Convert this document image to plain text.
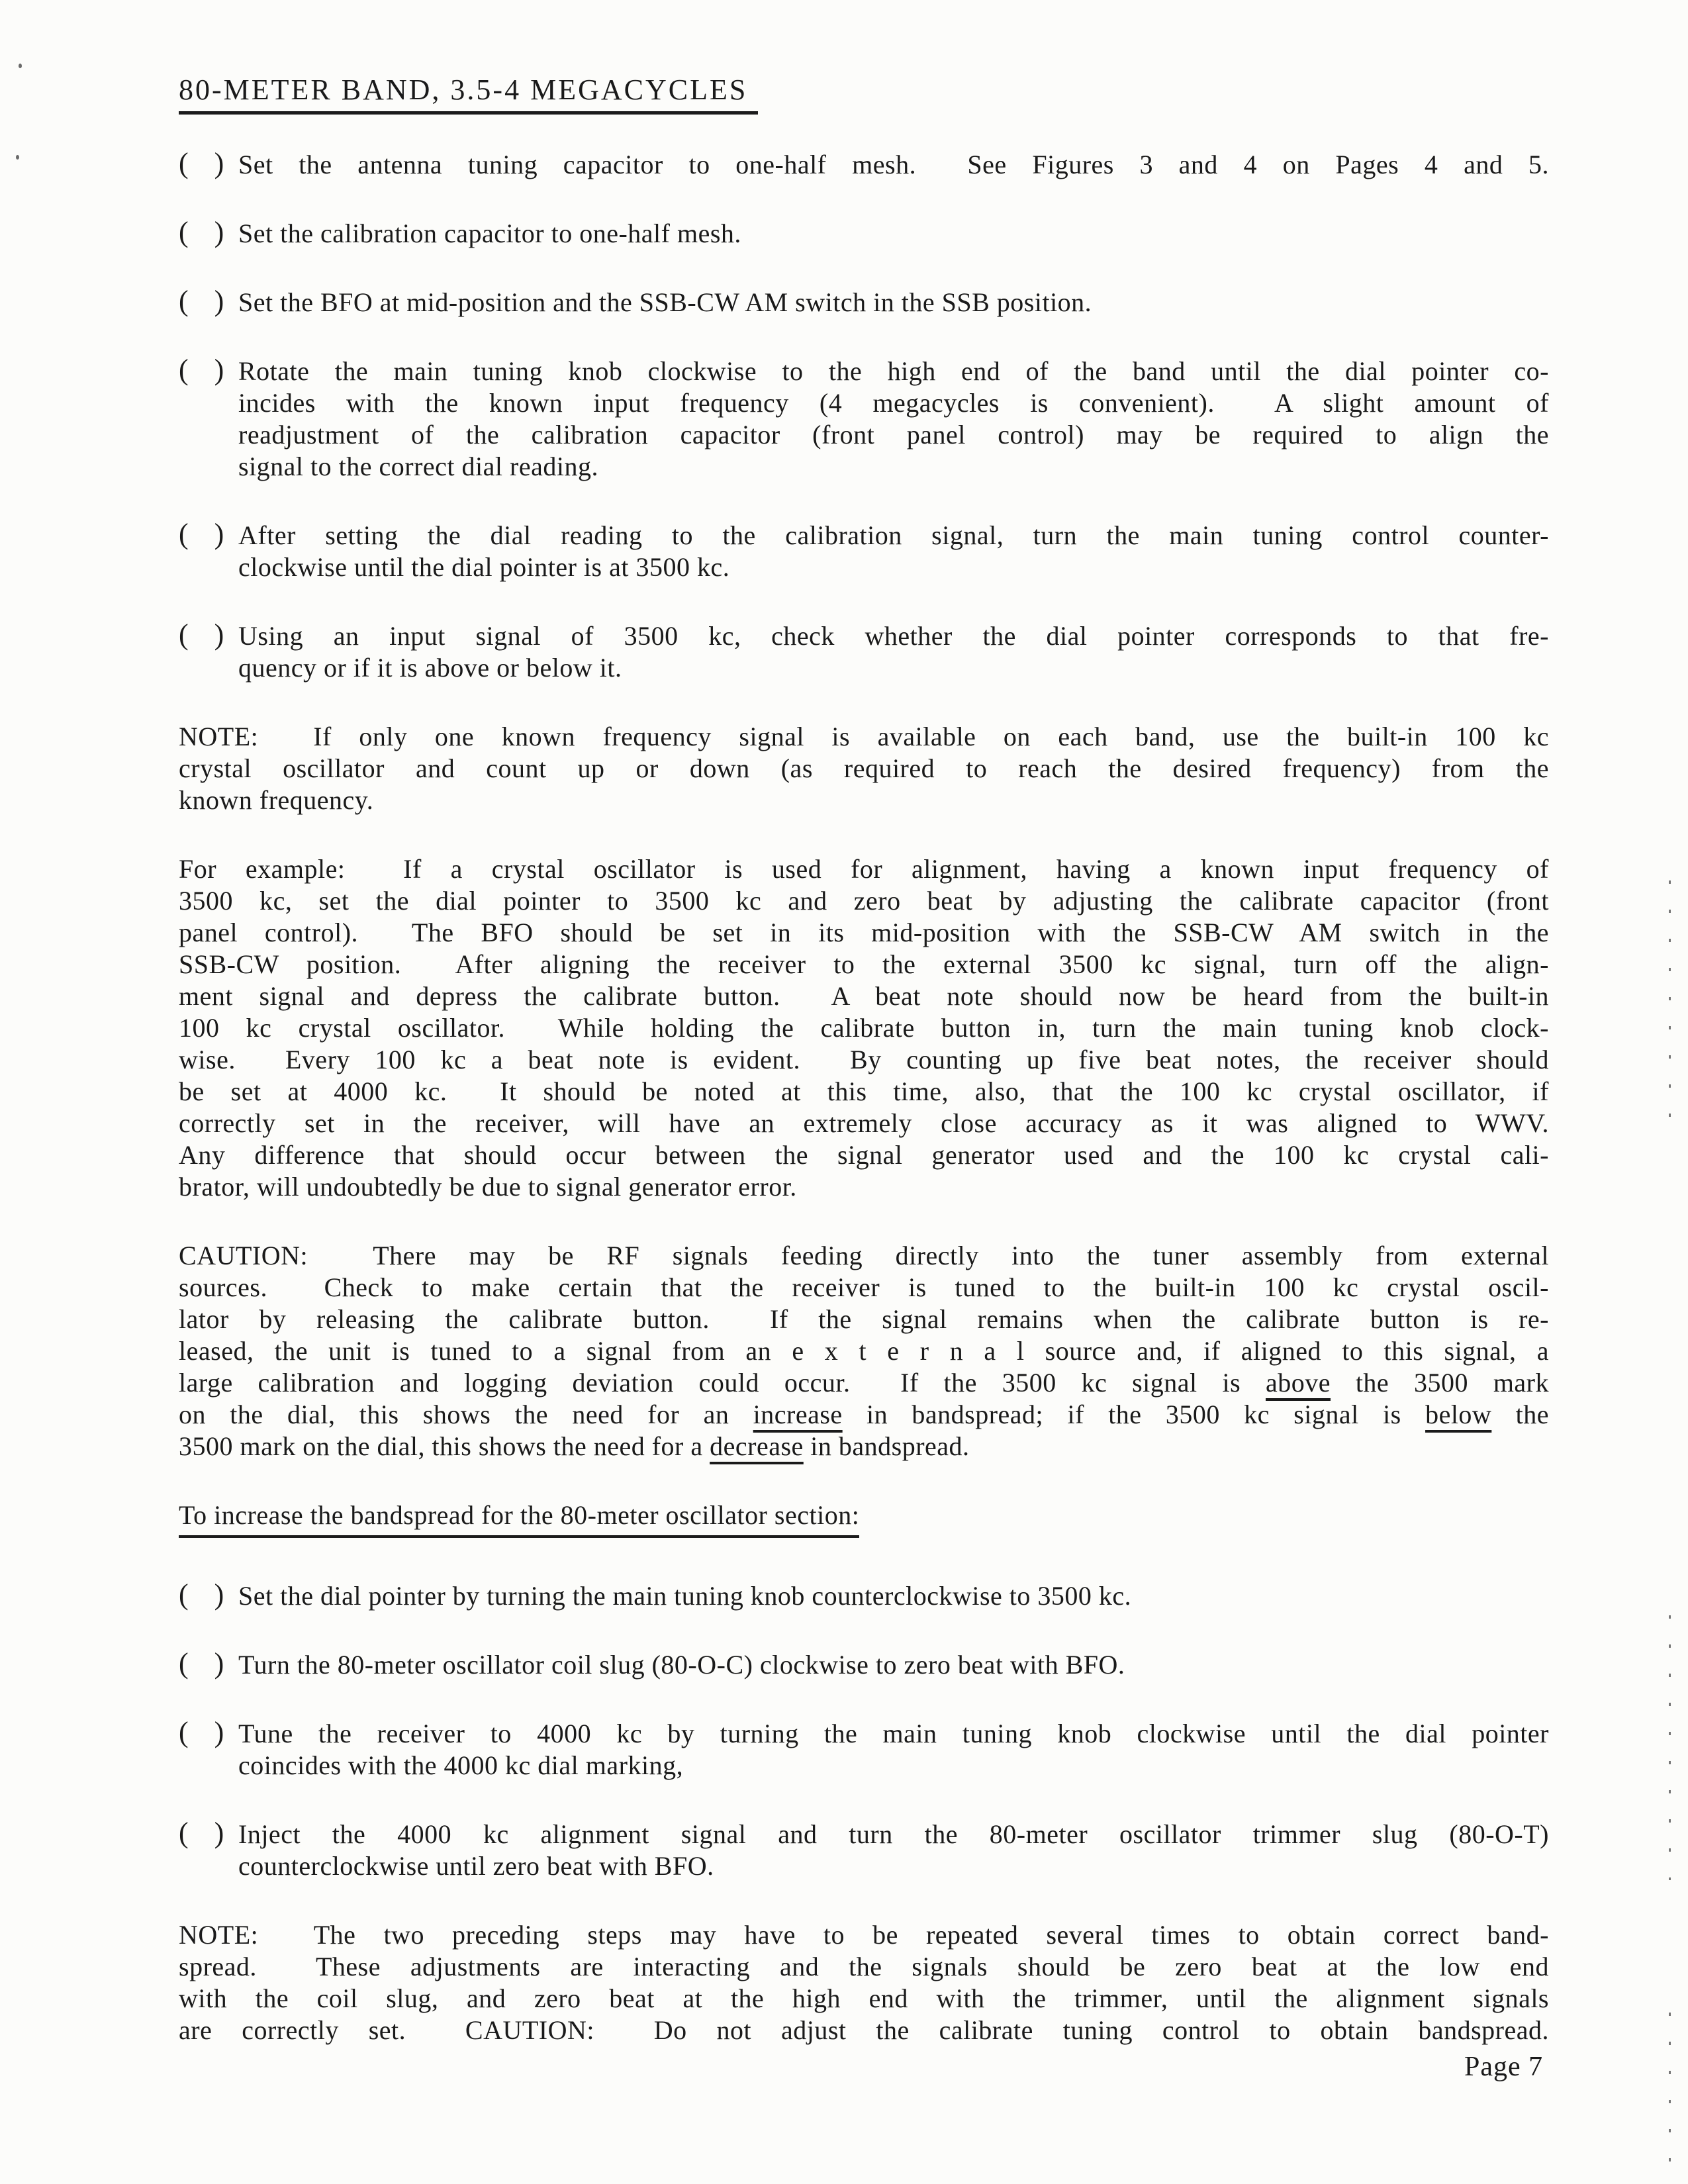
80-METER BAND, 3.5-4 MEGACYCLES
( ) Set the antenna tuning capacitor to one-half mesh.  See Figures 3 and 4 on Pages 4 and 5.
( ) Set the calibration capacitor to one-half mesh.
( ) Set the BFO at mid-position and the SSB-CW AM switch in the SSB position.
( ) Rotate the main tuning knob clockwise to the high end of the band until the dial pointer co-
incides with the known input frequency (4 megacycles is convenient).  A slight amount of
readjustment of the calibration capacitor (front panel control) may be required to align the
signal to the correct dial reading.
( ) After setting the dial reading to the calibration signal, turn the main tuning control counter-
clockwise until the dial pointer is at 3500 kc.
( ) Using an input signal of 3500 kc, check whether the dial pointer corresponds to that fre-
quency or if it is above or below it.
NOTE:  If only one known frequency signal is available on each band, use the built-in 100 kc
crystal oscillator and count up or down (as required to reach the desired frequency) from the
known frequency.
For example:  If a crystal oscillator is used for alignment, having a known input frequency of
3500 kc, set the dial pointer to 3500 kc and zero beat by adjusting the calibrate capacitor (front
panel control).  The BFO should be set in its mid-position with the SSB-CW AM switch in the
SSB-CW position.  After aligning the receiver to the external 3500 kc signal, turn off the align-
ment signal and depress the calibrate button.  A beat note should now be heard from the built-in
100 kc crystal oscillator.  While holding the calibrate button in, turn the main tuning knob clock-
wise.  Every 100 kc a beat note is evident.  By counting up five beat notes, the receiver should
be set at 4000 kc.  It should be noted at this time, also, that the 100 kc crystal oscillator, if
correctly set in the receiver, will have an extremely close accuracy as it was aligned to WWV.
Any difference that should occur between the signal generator used and the 100 kc crystal cali-
brator, will undoubtedly be due to signal generator error.
CAUTION:  There may be RF signals feeding directly into the tuner assembly from external
sources.  Check to make certain that the receiver is tuned to the built-in 100 kc crystal oscil-
lator by releasing the calibrate button.  If the signal remains when the calibrate button is re-
leased, the unit is tuned to a signal from an e x t e r n a l source and, if aligned to this signal, a
large calibration and logging deviation could occur.  If the 3500 kc signal is above the 3500 mark
on the dial, this shows the need for an increase in bandspread; if the 3500 kc signal is below the
3500 mark on the dial, this shows the need for a decrease in bandspread.
To increase the bandspread for the 80-meter oscillator section:
( ) Set the dial pointer by turning the main tuning knob counterclockwise to 3500 kc.
( ) Turn the 80-meter oscillator coil slug (80-O-C) clockwise to zero beat with BFO.
( ) Tune the receiver to 4000 kc by turning the main tuning knob clockwise until the dial pointer
coincides with the 4000 kc dial marking,
( ) Inject the 4000 kc alignment signal and turn the 80-meter oscillator trimmer slug (80-O-T)
counterclockwise until zero beat with BFO.
NOTE:  The two preceding steps may have to be repeated several times to obtain correct band-
spread.  These adjustments are interacting and the signals should be zero beat at the low end
with the coil slug, and zero beat at the high end with the trimmer, until the alignment signals
are correctly set.  CAUTION:  Do not adjust the calibrate tuning control to obtain bandspread.
Page 7
